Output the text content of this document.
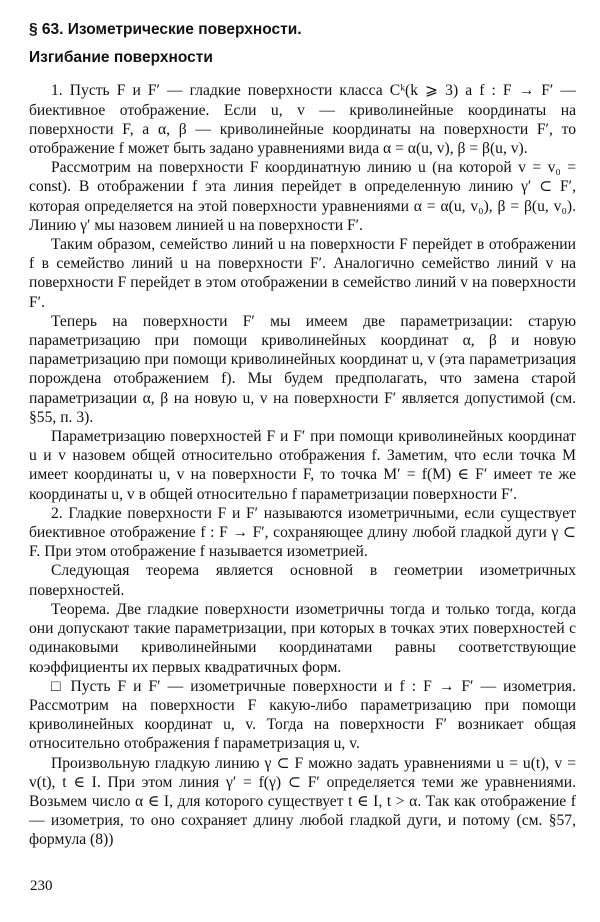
§ 63. Изометрические поверхности.
Изгибание поверхности

1. Пусть F и F′ — гладкие поверхности класса Cᵏ(k ⩾ 3) а f : F → F′ — биективное отображение. Если u, v — криволинейные координаты на поверхности F, а α, β — криволинейные координаты на поверхности F′, то отображение f может быть задано уравнениями вида α = α(u, v), β = β(u, v).

Рассмотрим на поверхности F координатную линию u (на которой v = v₀ = const). В отображении f эта линия перейдет в определенную линию γ′ ⊂ F′, которая определяется на этой поверхности уравнениями α = α(u, v₀), β = β(u, v₀). Линию γ′ мы назовем линией u на поверхности F′.

Таким образом, семейство линий u на поверхности F перейдет в отображении f в семейство линий u на поверхности F′. Аналогично семейство линий v на поверхности F перейдет в этом отображении в семейство линий v на поверхности F′.

Теперь на поверхности F′ мы имеем две параметризации: старую параметризацию при помощи криволинейных координат α, β и новую параметризацию при помощи криволинейных координат u, v (эта параметризация порождена отображением f). Мы будем предполагать, что замена старой параметризации α, β на новую u, v на поверхности F′ является допустимой (см. §55, п. 3).

Параметризацию поверхностей F и F′ при помощи криволинейных координат u и v назовем общей относительно отображения f. Заметим, что если точка M имеет координаты u, v на поверхности F, то точка M′ = f(M) ∈ F′ имеет те же координаты u, v в общей относительно f параметризации поверхности F′.

2. Гладкие поверхности F и F′ называются изометричными, если существует биективное отображение f : F → F′, сохраняющее длину любой гладкой дуги γ ⊂ F. При этом отображение f называется изометрией.

Следующая теорема является основной в геометрии изометричных поверхностей.

Теорема. Две гладкие поверхности изометричны тогда и только тогда, когда они допускают такие параметризации, при которых в точках этих поверхностей с одинаковыми криволинейными координатами равны соответствующие коэффициенты их первых квадратичных форм.

□ Пусть F и F′ — изометричные поверхности и f : F → F′ — изометрия. Рассмотрим на поверхности F какую-либо параметризацию при помощи криволинейных координат u, v. Тогда на поверхности F′ возникает общая относительно отображения f параметризация u, v.

Произвольную гладкую линию γ ⊂ F можно задать уравнениями u = u(t), v = v(t), t ∈ I. При этом линия γ′ = f(γ) ⊂ F′ определяется теми же уравнениями. Возьмем число α ∈ I, для которого существует t ∈ I, t > α. Так как отображение f — изометрия, то оно сохраняет длину любой гладкой дуги, и потому (см. §57, формула (8))

230
